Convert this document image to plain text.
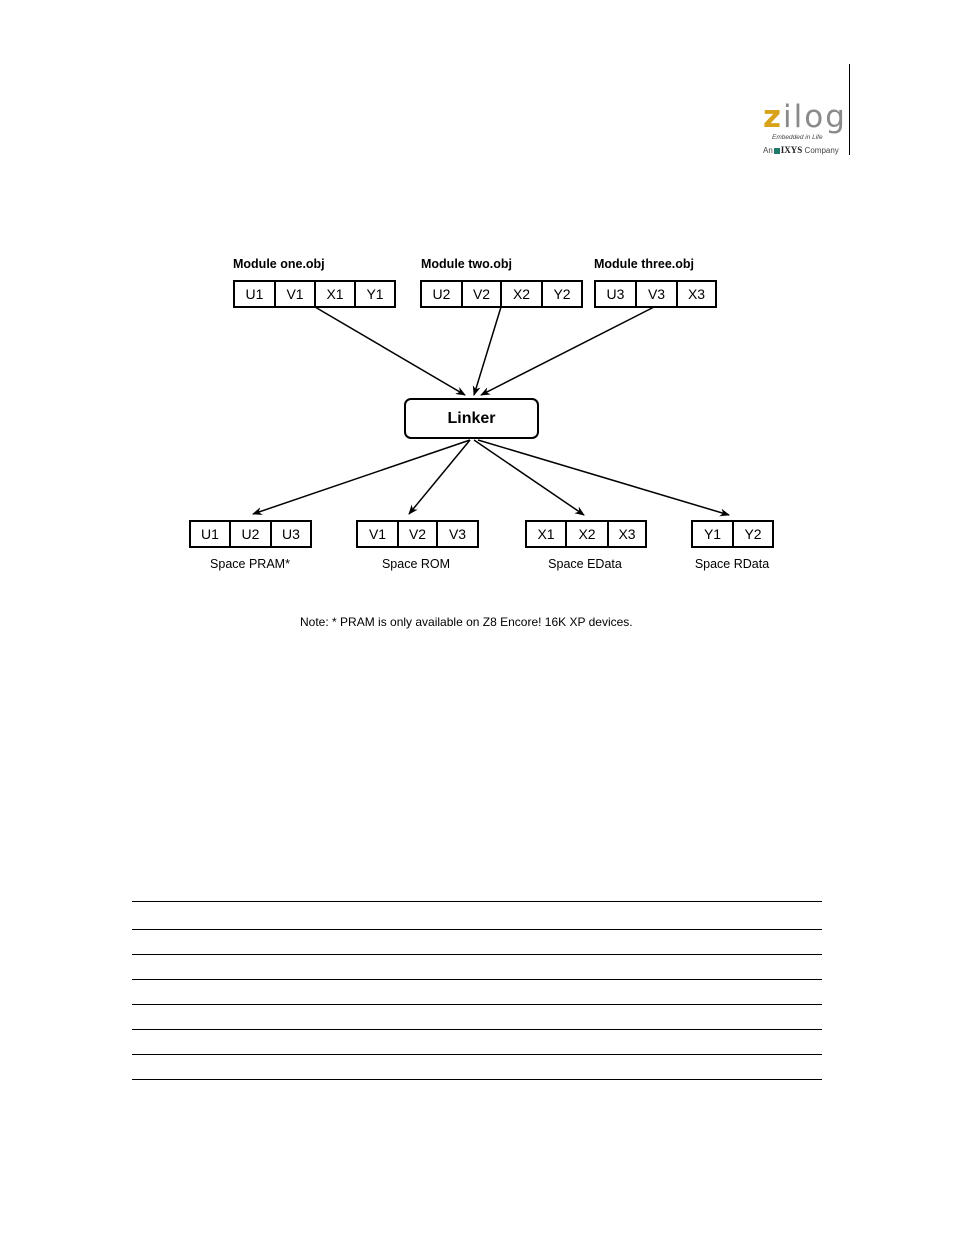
zilog
Embedded in Life
An IXYS Company
Module one.obj	Module two.obj	Module three.obj
U1	V1	X1	Y1	U2	V2	X2	Y2	U3	V3	X3
Linker
U1	U2	U3	V1	V2	V3	X1	X2	X3	Y1	Y2
Space PRAM*	Space ROM	Space EData	Space RData
Note: * PRAM is only available on Z8 Encore! 16K XP devices.
